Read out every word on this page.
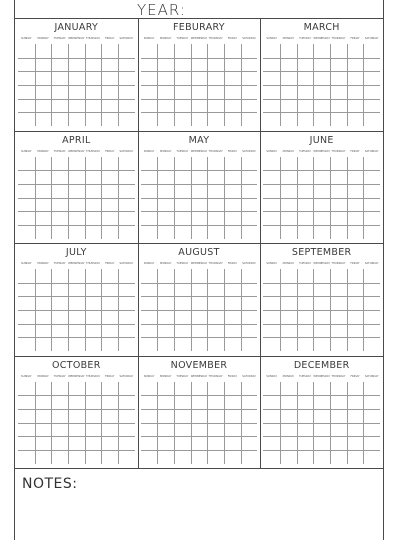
YEAR:
JANUARY
SUNDAY	MONDAY	TUESDAY WEDNESDAY THURSDAY	FRIDAY	SATURDAY
FEBURARY
SUNDAY	MONDAY	TUESDAY WEDNESDAY THURSDAY	FRIDAY	SATURDAY
MARCH
SUNDAY	MONDAY	TUESDAY WEDNESDAY THURSDAY	FRIDAY	SATURDAY
APRIL
SUNDAY	MONDAY	TUESDAY WEDNESDAY THURSDAY	FRIDAY	SATURDAY
MAY
SUNDAY	MONDAY	TUESDAY WEDNESDAY THURSDAY	FRIDAY	SATURDAY
JUNE
SUNDAY	MONDAY	TUESDAY WEDNESDAY THURSDAY	FRIDAY	SATURDAY
JULY
SUNDAY	MONDAY	TUESDAY WEDNESDAY THURSDAY	FRIDAY	SATURDAY
AUGUST
SUNDAY	MONDAY	TUESDAY WEDNESDAY THURSDAY	FRIDAY	SATURDAY
SEPTEMBER
SUNDAY	MONDAY	TUESDAY WEDNESDAY THURSDAY	FRIDAY	SATURDAY
OCTOBER
SUNDAY	MONDAY	TUESDAY WEDNESDAY THURSDAY	FRIDAY	SATURDAY
NOVEMBER
SUNDAY	MONDAY	TUESDAY WEDNESDAY THURSDAY	FRIDAY	SATURDAY
DECEMBER
SUNDAY	MONDAY	TUESDAY WEDNESDAY THURSDAY	FRIDAY	SATURDAY
NOTES:
